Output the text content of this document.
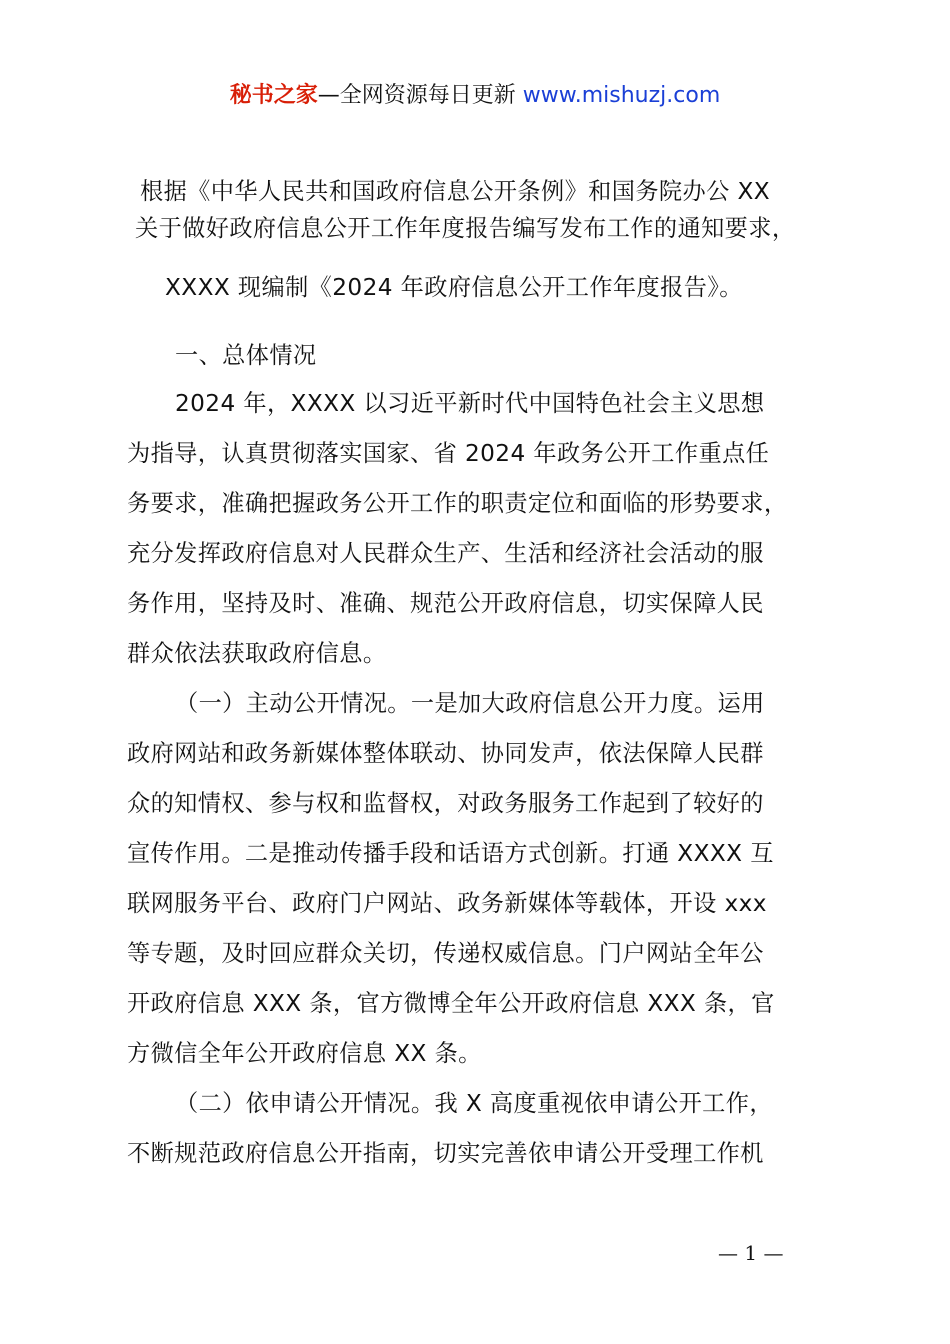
秘书之家—全网资源每日更新 www.mishuzj.com
根据《中华人民共和国政府信息公开条例》和国务院办公 XX
关于做好政府信息公开工作年度报告编写发布工作的通知要求，
XXXX 现编制《2024 年政府信息公开工作年度报告》。
一、总体情况
2024 年，XXXX 以习近平新时代中国特色社会主义思想
为指导，认真贯彻落实国家、省 2024 年政务公开工作重点任
务要求，准确把握政务公开工作的职责定位和面临的形势要求，
充分发挥政府信息对人民群众生产、生活和经济社会活动的服
务作用，坚持及时、准确、规范公开政府信息，切实保障人民
群众依法获取政府信息。
（一）主动公开情况。一是加大政府信息公开力度。运用
政府网站和政务新媒体整体联动、协同发声，依法保障人民群
众的知情权、参与权和监督权，对政务服务工作起到了较好的
宣传作用。二是推动传播手段和话语方式创新。打通 XXXX 互
联网服务平台、政府门户网站、政务新媒体等载体，开设 xxx
等专题，及时回应群众关切，传递权威信息。门户网站全年公
开政府信息 XXX 条，官方微博全年公开政府信息 XXX 条，官
方微信全年公开政府信息 XX 条。
（二）依申请公开情况。我 X 高度重视依申请公开工作，
不断规范政府信息公开指南，切实完善依申请公开受理工作机
— 1 —
